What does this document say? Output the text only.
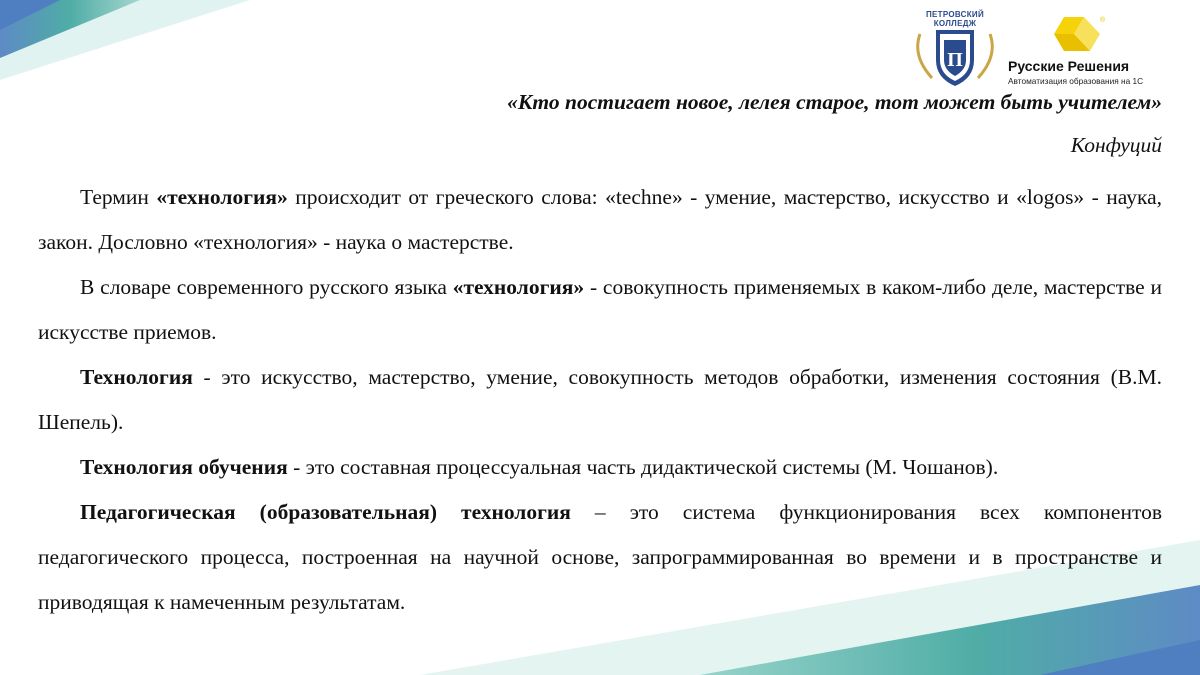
ПЕТРОВСКИЙ КОЛЛЕДЖ
П
®
Русские Решения
Автоматизация образования на 1С
«Кто постигает новое, лелея старое, тот может быть учителем»
Конфуций

Термин «технология» происходит от греческого слова: «techne» - умение, мастерство, искусство и «logos» - наука, закон. Дословно «технология» - наука о мастерстве.

В словаре современного русского языка «технология» - совокупность применяемых в каком-либо деле, мастерстве и искусстве приемов.

Технология - это искусство, мастерство, умение, совокупность методов обработки, изменения состояния (В.М. Шепель).

Технология обучения - это составная процессуальная часть дидактической системы (М. Чошанов).

Педагогическая (образовательная) технология – это система функционирования всех компонентов педагогического процесса, построенная на научной основе, запрограммированная во времени и в пространстве и приводящая к намеченным результатам.
